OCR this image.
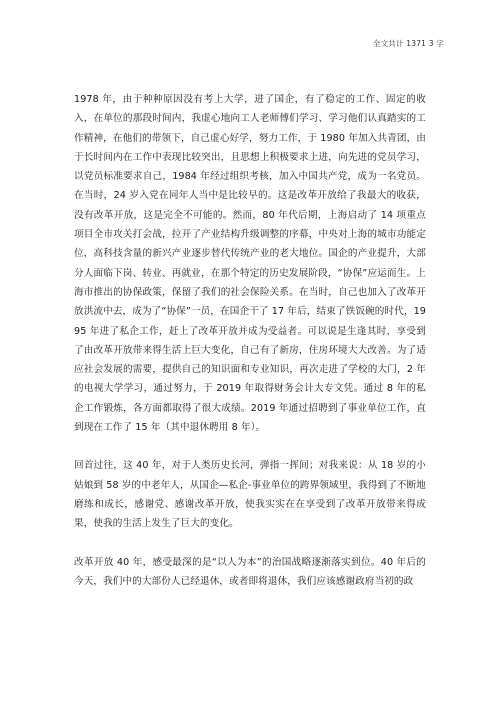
全文共计 1371 3 字

1978 年，由于种种原因没有考上大学，进了国企，有了稳定的工作、固定的收入，在单位的那段时间内，我虚心地向工人老师傅们学习、学习他们认真踏实的工作精神，在他们的带领下，自己虚心好学，努力工作，于 1980 年加入共青团，由于长时间内在工作中表现比较突出，且思想上积极要求上进，向先进的党员学习，以党员标准要求自己，1984 年经过组织考核，加入中国共产党，成为一名党员。在当时，24 岁入党在同年人当中是比较早的。这是改革开放给了我最大的收获，没有改革开放，这是完全不可能的。然而，80 年代后期，上海启动了 14 项重点项目全市攻关打会战，拉开了产业结构升级调整的序幕，中央对上海的城市功能定位，高科技含量的新兴产业逐步替代传统产业的老大地位。国企的产业提升，大部分人面临下岗、转业、再就业，在那个特定的历史发展阶段，“协保”应运而生。上海市推出的协保政策，保留了我们的社会保险关系。在当时，自己也加入了改革开放洪流中去，成为了“协保”一员，在国企干了 17 年后，结束了铁饭碗的时代，1995 年进了私企工作，赶上了改革开放并成为受益者。可以说是生逢其时，享受到了由改革开放带来得生活上巨大变化，自己有了新房，住房环境大大改善。为了适应社会发展的需要，提供自己的知识面和专业知识，再次走进了学校的大门，2 年的电视大学学习，通过努力，于 2019 年取得财务会计大专文凭。通过 8 年的私企工作锻炼，各方面都取得了很大成绩。2019 年通过招聘到了事业单位工作，直到现在工作了 15 年（其中退休聘用 8 年）。

回首过往，这 40 年，对于人类历史长河，弹指一挥间；对我来说：从 18 岁的小姑娘到 58 岁的中老年人，从国企—私企-事业单位的跨界领域里，我得到了不断地磨练和成长，感谢党、感谢改革开放，使我实实在在享受到了改革开放带来得成果，使我的生活上发生了巨大的变化。

改革开放 40 年，感受最深的是“以人为本”的治国战略逐渐落实到位。40 年后的今天，我们中的大部份人已经退休，或者即将退休，我们应该感谢政府当初的政
